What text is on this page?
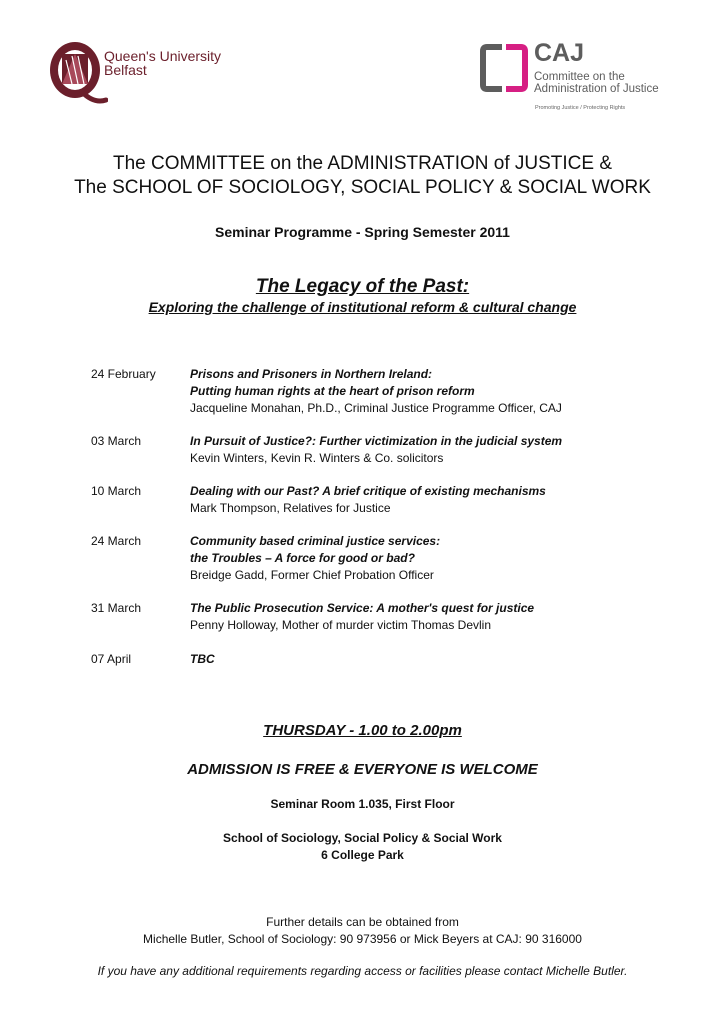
Queen's University
Belfast
CAJ
Committee on the
Administration of Justice
Promoting Justice / Protecting Rights
The COMMITTEE on the ADMINISTRATION of JUSTICE &
The SCHOOL OF SOCIOLOGY, SOCIAL POLICY & SOCIAL WORK
Seminar Programme - Spring Semester 2011
The Legacy of the Past:
Exploring the challenge of institutional reform & cultural change
24 February	Prisons and Prisoners in Northern Ireland:
Putting human rights at the heart of prison reform
Jacqueline Monahan, Ph.D., Criminal Justice Programme Officer, CAJ
03 March	In Pursuit of Justice?: Further victimization in the judicial system
Kevin Winters, Kevin R. Winters & Co. solicitors
10 March	Dealing with our Past? A brief critique of existing mechanisms
Mark Thompson, Relatives for Justice
24 March	Community based criminal justice services:
the Troubles – A force for good or bad?
Breidge Gadd, Former Chief Probation Officer
31 March	The Public Prosecution Service: A mother's quest for justice
Penny Holloway, Mother of murder victim Thomas Devlin
07 April	TBC
THURSDAY - 1.00 to 2.00pm
ADMISSION IS FREE & EVERYONE IS WELCOME
Seminar Room 1.035, First Floor
School of Sociology, Social Policy & Social Work
6 College Park
Further details can be obtained from
Michelle Butler, School of Sociology: 90 973956 or Mick Beyers at CAJ: 90 316000
If you have any additional requirements regarding access or facilities please contact Michelle Butler.
